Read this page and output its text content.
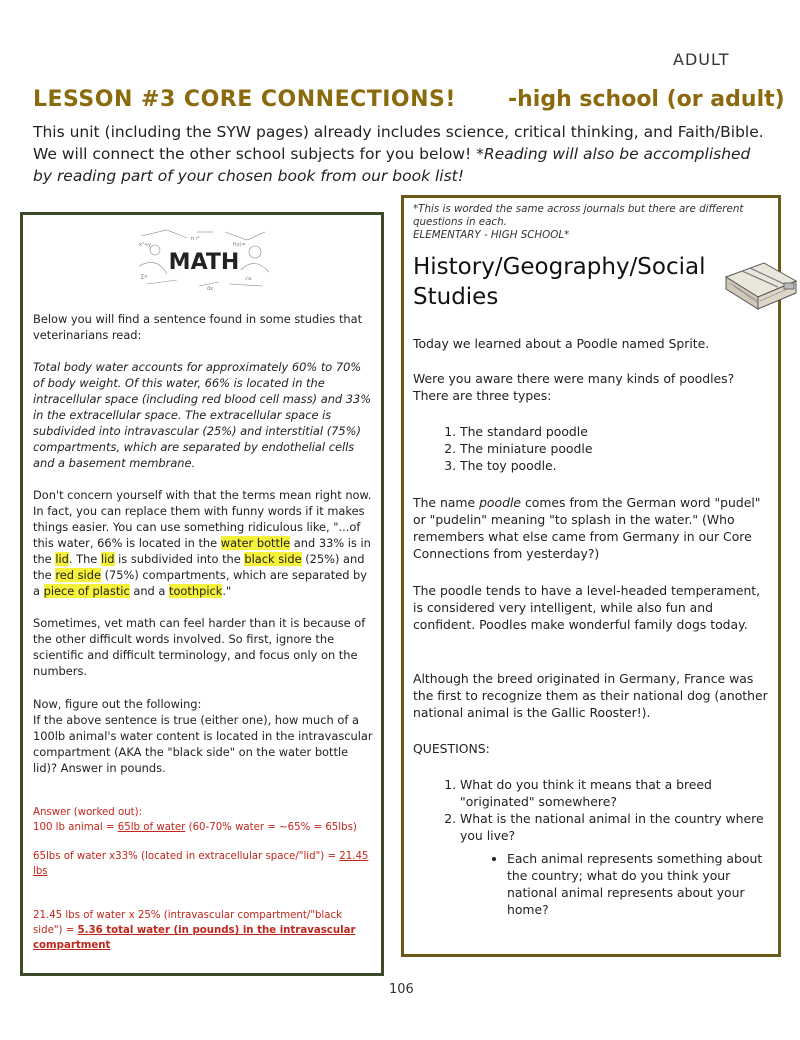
ADULT
LESSON #3 CORE CONNECTIONS! -high school (or adult)
This unit (including the SYW pages) already includes science, critical thinking, and Faith/Bible. We will connect the other school subjects for you below! *Reading will also be accomplished by reading part of your chosen book from our book list!
x²+y	f(x)=
∑n	√a
π r²
dx
MATH
Below you will find a sentence found in some studies that veterinarians read:
Total body water accounts for approximately 60% to 70% of body weight. Of this water, 66% is located in the intracellular space (including red blood cell mass) and 33% in the extracellular space. The extracellular space is subdivided into intravascular (25%) and interstitial (75%) compartments, which are separated by endothelial cells and a basement membrane.
Don't concern yourself with that the terms mean right now. In fact, you can replace them with funny words if it makes things easier. You can use something ridiculous like, "...of this water, 66% is located in the water bottle and 33% is in the lid. The lid is subdivided into the black side (25%) and the red side (75%) compartments, which are separated by a piece of plastic and a toothpick."
Sometimes, vet math can feel harder than it is because of the other difficult words involved. So first, ignore the scientific and difficult terminology, and focus only on the numbers.
Now, figure out the following:
If the above sentence is true (either one), how much of a 100lb animal's water content is located in the intravascular compartment (AKA the "black side" on the water bottle lid)? Answer in pounds.
Answer (worked out):
100 lb animal = 65lb of water (60-70% water = ~65% = 65lbs)
65lbs of water x33% (located in extracellular space/"lid") = 21.45 lbs
21.45 lbs of water x 25% (intravascular compartment/"black side") = 5.36 total water (in pounds) in the intravascular compartment
*This is worded the same across journals but there are different questions in each.
ELEMENTARY - HIGH SCHOOL*
History/Geography/Social
Studies
Today we learned about a Poodle named Sprite.
Were you aware there were many kinds of poodles? There are three types:
1. The standard poodle
2. The miniature poodle
3. The toy poodle.
The name poodle comes from the German word "pudel" or "pudelin" meaning "to splash in the water." (Who remembers what else came from Germany in our Core Connections from yesterday?)
The poodle tends to have a level-headed temperament, is considered very intelligent, while also fun and confident. Poodles make wonderful family dogs today.
Although the breed originated in Germany, France was the first to recognize them as their national dog (another national animal is the Gallic Rooster!).
QUESTIONS:
1. What do you think it means that a breed "originated" somewhere?
2. What is the national animal in the country where you live?
• Each animal represents something about the country; what do you think your national animal represents about your home?
106
